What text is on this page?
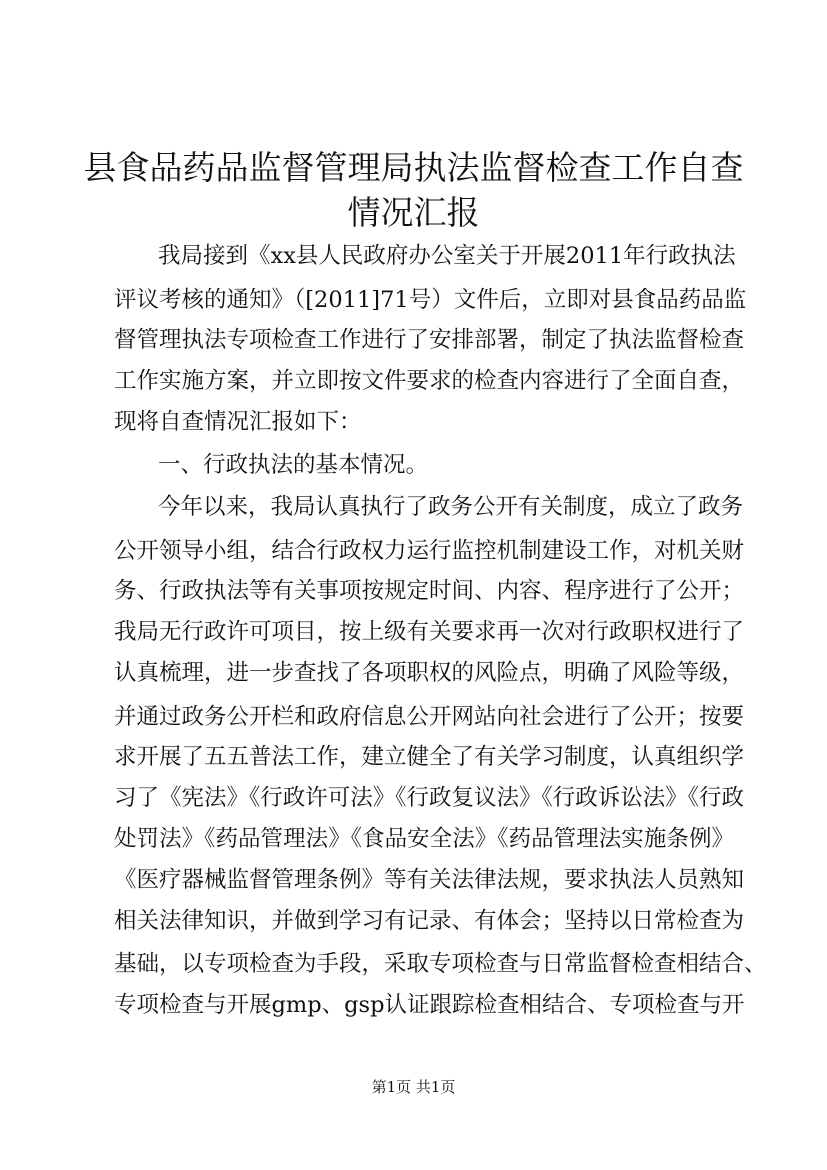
县食品药品监督管理局执法监督检查工作自查
情况汇报
我局接到《xx县人民政府办公室关于开展2011年行政执法
评议考核的通知》（[2011]71号）文件后，立即对县食品药品监
督管理执法专项检查工作进行了安排部署，制定了执法监督检查
工作实施方案，并立即按文件要求的检查内容进行了全面自查，
现将自查情况汇报如下：
一、行政执法的基本情况。
今年以来，我局认真执行了政务公开有关制度，成立了政务
公开领导小组，结合行政权力运行监控机制建设工作，对机关财
务、行政执法等有关事项按规定时间、内容、程序进行了公开；
我局无行政许可项目，按上级有关要求再一次对行政职权进行了
认真梳理，进一步查找了各项职权的风险点，明确了风险等级，
并通过政务公开栏和政府信息公开网站向社会进行了公开；按要
求开展了五五普法工作，建立健全了有关学习制度，认真组织学
习了《宪法》《行政许可法》《行政复议法》《行政诉讼法》《行政
处罚法》《药品管理法》《食品安全法》《药品管理法实施条例》
《医疗器械监督管理条例》等有关法律法规，要求执法人员熟知
相关法律知识，并做到学习有记录、有体会；坚持以日常检查为
基础，以专项检查为手段，采取专项检查与日常监督检查相结合、
专项检查与开展gmp、gsp认证跟踪检查相结合、专项检查与开
第1页 共1页
